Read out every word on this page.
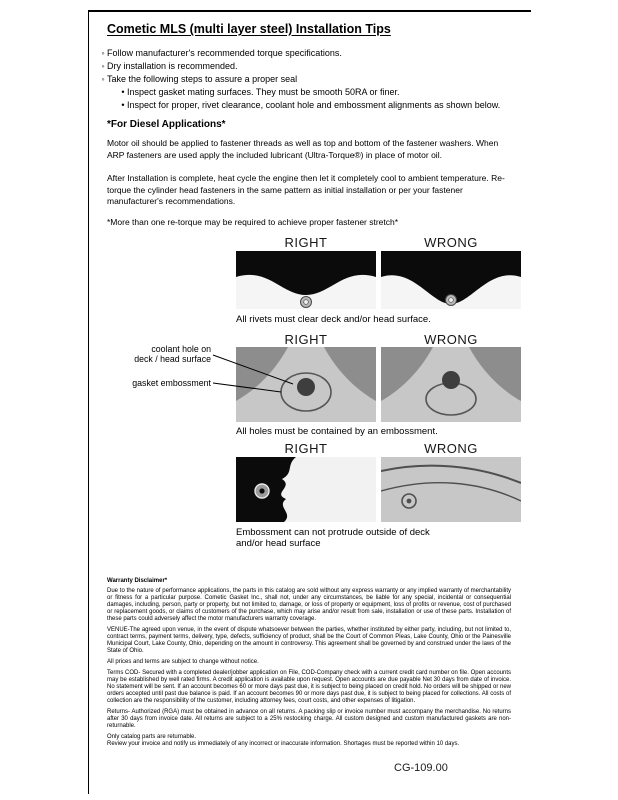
Cometic MLS (multi layer steel) Installation Tips
◦ Follow manufacturer's recommended torque specifications.
◦ Dry installation is recommended.
◦ Take the following steps to assure a proper seal
• Inspect gasket mating surfaces. They must be smooth 50RA or finer.
• Inspect for proper, rivet clearance, coolant hole and embossment alignments as shown below.
*For Diesel Applications*
Motor oil should be applied to fastener threads as well as top and bottom of the fastener washers. When ARP fasteners are used apply the included lubricant (Ultra-Torque®) in place of motor oil.
After Installation is complete, heat cycle the engine then let it completely cool to ambient temperature. Re-torque the cylinder head fasteners in the same pattern as initial installation or per your fastener manufacturer's recommendations.
*More than one re-torque may be required to achieve proper fastener stretch*
RIGHT	WRONG
All rivets must clear deck and/or head surface.
RIGHT	WRONG
coolant hole on
deck / head surface
gasket embossment
All holes must be contained by an embossment.
RIGHT	WRONG
Embossment can not protrude outside of deck
and/or head surface

Warranty Disclaimer*

Due to the nature of performance applications, the parts in this catalog are sold without any express warranty or any implied warranty of merchantability or fitness for a particular purpose. Cometic Gasket Inc., shall not, under any circumstances, be liable for any special, incidental or consequential damages, including, person, party or property, but not limited to, damage, or loss of property or equipment, loss of profits or revenue, cost of purchased or replacement goods, or claims of customers of the purchase, which may arise and/or result from sale, installation or use of these parts. Installation of these parts could adversely affect the motor manufacturers warranty coverage.

VENUE-The agreed upon venue, in the event of dispute whatsoever between the parties, whether instituted by either party, including, but not limited to, contract terms, payment terms, delivery, type, defects, sufficiency of product, shall be the Court of Common Pleas, Lake County, Ohio or the Painesville Municipal Court, Lake County, Ohio, depending on the amount in controversy. This agreement shall be governed by and construed under the laws of the State of Ohio.

All prices and terms are subject to change without notice.

Terms COD- Secured with a completed dealer/jobber application on File, COD-Company check with a current credit card number on file. Open accounts may be established by well rated firms. A credit application is available upon request. Open accounts are due payable Net 30 days from date of invoice. No statement will be sent. If an account becomes 60 or more days past due, it is subject to being placed on credit hold. No orders will be shipped or new orders accepted until past due balance is paid. If an account becomes 90 or more days past due, it is subject to being placed for collections. All costs of collection are the responsibility of the customer, including attorney fees, court costs, and other expenses of litigation.

Returns- Authorized (RGA) must be obtained in advance on all returns. A packing slip or invoice number must accompany the merchandise. No returns after 30 days from invoice date. All returns are subject to a 25% restocking charge. All custom designed and custom manufactured gaskets are non-returnable.

Only catalog parts are returnable.

Review your invoice and notify us immediately of any incorrect or inaccurate information. Shortages must be reported within 10 days.

CG-109.00
